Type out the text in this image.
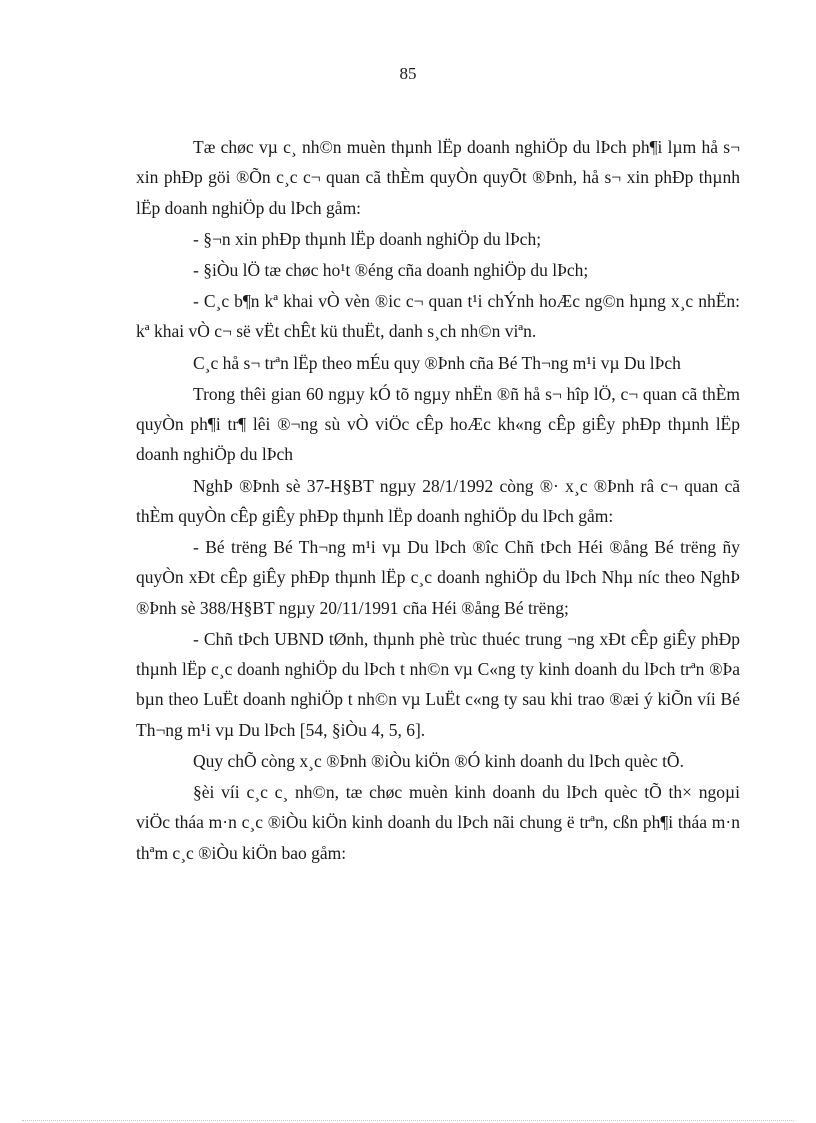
85

Tæ chøc vµ c¸ nh©n muèn thµnh lËp doanh nghiÖp du lÞch ph¶i lµm hå s¬ xin phÐp göi ®Õn c¸c c¬ quan cã thÈm quyÒn quyÕt ®Þnh, hå s¬ xin phÐp thµnh lËp doanh nghiÖp du lÞch gåm:

- §¬n xin phÐp thµnh lËp doanh nghiÖp du lÞch;

- §iÒu lÖ tæ chøc ho¹t ®éng cña doanh nghiÖp du lÞch;

- C¸c b¶n kª khai vÒ vèn ®ic c¬ quan t¹i chÝnh hoÆc ng©n hµng x¸c nhËn: kª khai vÒ c¬ së vËt chÊt kü thuËt, danh s¸ch nh©n viªn.

C¸c hå s¬ trªn lËp theo mÉu quy ®Þnh cña Bé Th¬ng m¹i vµ Du lÞch

Trong thêi gian 60 ngµy kÓ tõ ngµy nhËn ®ñ hå s¬ hîp lÖ, c¬ quan cã thÈm quyÒn ph¶i tr¶ lêi ®¬ng sù vÒ viÖc cÊp hoÆc kh«ng cÊp giÊy phÐp thµnh lËp doanh nghiÖp du lÞch

NghÞ ®Þnh sè 37-H§BT ngµy 28/1/1992 còng ®· x¸c ®Þnh râ c¬ quan cã thÈm quyÒn cÊp giÊy phÐp thµnh lËp doanh nghiÖp du lÞch gåm:

- Bé trëng Bé Th¬ng m¹i vµ Du lÞch ®îc Chñ tÞch Héi ®ång Bé trëng ñy quyÒn xÐt cÊp giÊy phÐp thµnh lËp c¸c doanh nghiÖp du lÞch Nhµ níc theo NghÞ ®Þnh sè 388/H§BT ngµy 20/11/1991 cña Héi ®ång Bé trëng;

- Chñ tÞch UBND tØnh, thµnh phè trùc thuéc trung ¬ng xÐt cÊp giÊy phÐp thµnh lËp c¸c doanh nghiÖp du lÞch t nh©n vµ C«ng ty kinh doanh du lÞch trªn ®Þa bµn theo LuËt doanh nghiÖp t nh©n vµ LuËt c«ng ty sau khi trao ®æi ý kiÕn víi Bé Th¬ng m¹i vµ Du lÞch [54, §iÒu 4, 5, 6].

Quy chÕ còng x¸c ®Þnh ®iÒu kiÖn ®Ó kinh doanh du lÞch quèc tÕ.

§èi víi c¸c c¸ nh©n, tæ chøc muèn kinh doanh du lÞch quèc tÕ th× ngoµi viÖc tháa m·n c¸c ®iÒu kiÖn kinh doanh du lÞch nãi chung ë trªn, cßn ph¶i tháa m·n thªm c¸c ®iÒu kiÖn bao gåm:
